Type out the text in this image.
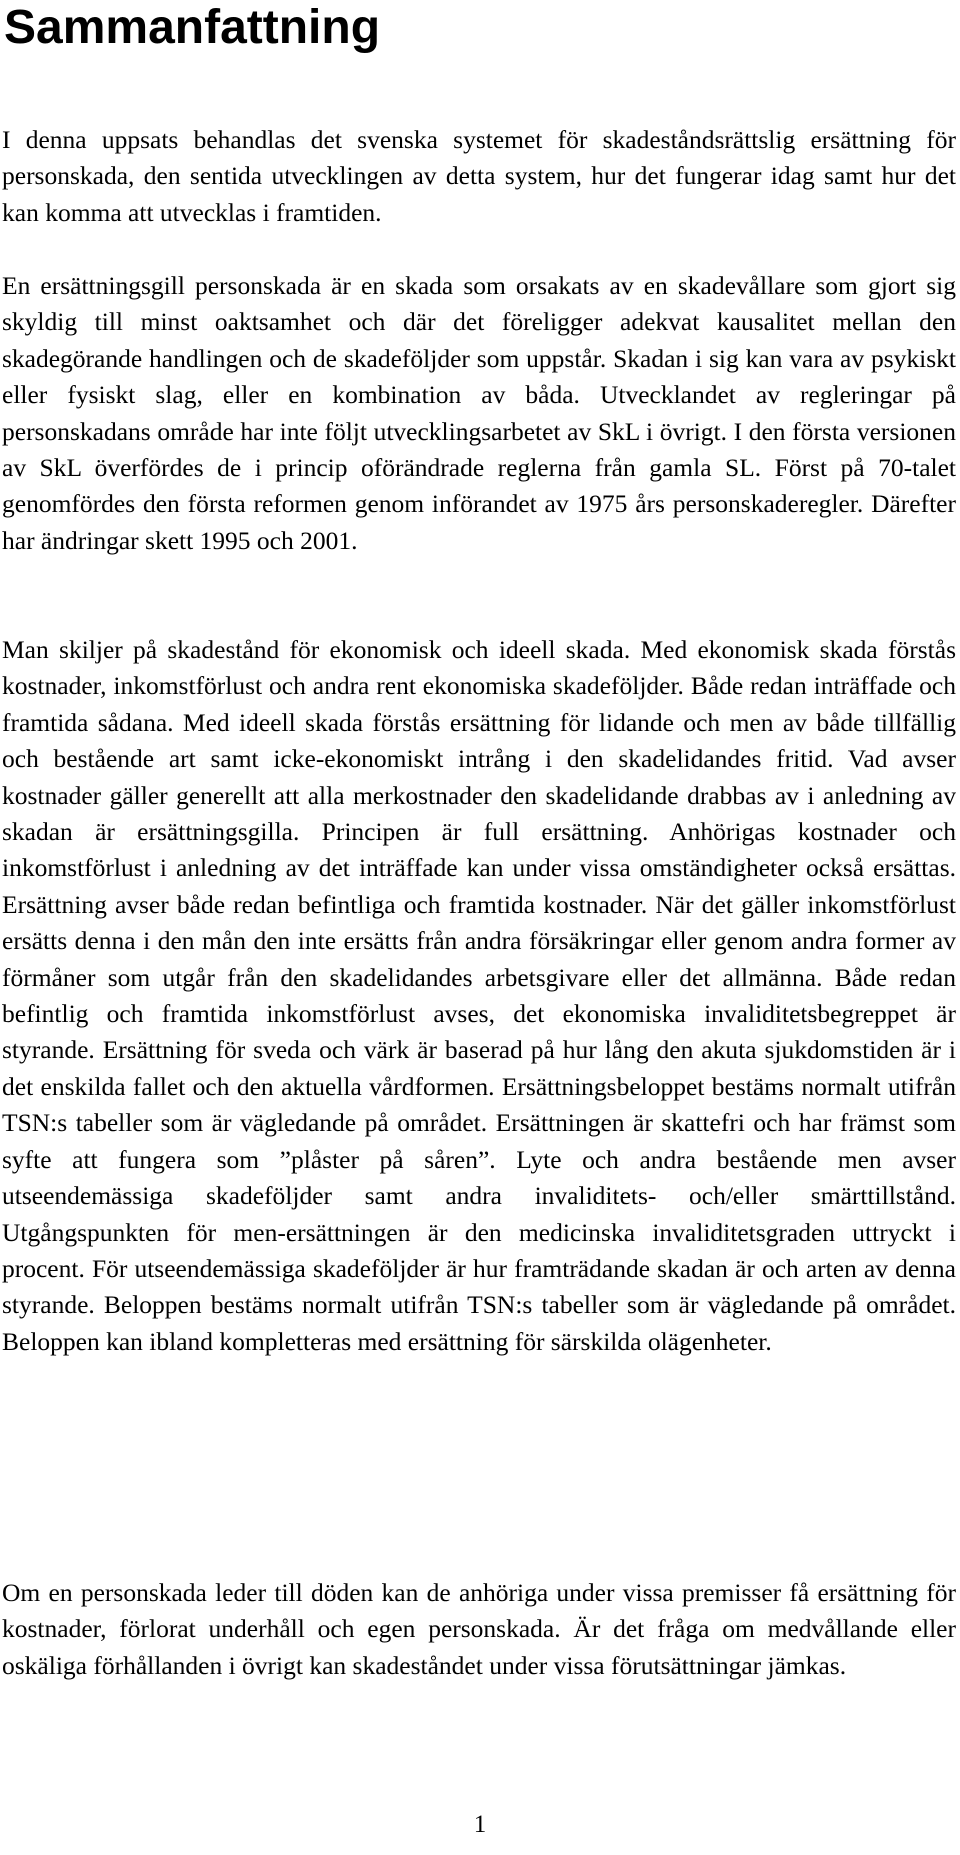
Sammanfattning

I denna uppsats behandlas det svenska systemet för skadeståndsrättslig ersättning för personskada, den sentida utvecklingen av detta system, hur det fungerar idag samt hur det kan komma att utvecklas i framtiden.

En ersättningsgill personskada är en skada som orsakats av en skadevållare som gjort sig skyldig till minst oaktsamhet och där det föreligger adekvat kausalitet mellan den skadegörande handlingen och de skadeföljder som uppstår. Skadan i sig kan vara av psykiskt eller fysiskt slag, eller en kombination av båda. Utvecklandet av regleringar på personskadans område har inte följt utvecklingsarbetet av SkL i övrigt. I den första versionen av SkL överfördes de i princip oförändrade reglerna från gamla SL. Först på 70-talet genomfördes den första reformen genom införandet av 1975 års personskaderegler. Därefter har ändringar skett 1995 och 2001.

Man skiljer på skadestånd för ekonomisk och ideell skada. Med ekonomisk skada förstås kostnader, inkomstförlust och andra rent ekonomiska skadeföljder. Både redan inträffade och framtida sådana. Med ideell skada förstås ersättning för lidande och men av både tillfällig och bestående art samt icke-ekonomiskt intrång i den skadelidandes fritid. Vad avser kostnader gäller generellt att alla merkostnader den skadelidande drabbas av i anledning av skadan är ersättningsgilla. Principen är full ersättning. Anhörigas kostnader och inkomstförlust i anledning av det inträffade kan under vissa omständigheter också ersättas. Ersättning avser både redan befintliga och framtida kostnader. När det gäller inkomstförlust ersätts denna i den mån den inte ersätts från andra försäkringar eller genom andra former av förmåner som utgår från den skadelidandes arbetsgivare eller det allmänna. Både redan befintlig och framtida inkomstförlust avses, det ekonomiska invaliditetsbegreppet är styrande. Ersättning för sveda och värk är baserad på hur lång den akuta sjukdomstiden är i det enskilda fallet och den aktuella vårdformen. Ersättningsbeloppet bestäms normalt utifrån TSN:s tabeller som är vägledande på området. Ersättningen är skattefri och har främst som syfte att fungera som ”plåster på såren”. Lyte och andra bestående men avser utseendemässiga skadeföljder samt andra invaliditets- och/eller smärttillstånd. Utgångspunkten för men-ersättningen är den medicinska invaliditetsgraden uttryckt i procent. För utseendemässiga skadeföljder är hur framträdande skadan är och arten av denna styrande. Beloppen bestäms normalt utifrån TSN:s tabeller som är vägledande på området. Beloppen kan ibland kompletteras med ersättning för särskilda olägenheter.

Om en personskada leder till döden kan de anhöriga under vissa premisser få ersättning för kostnader, förlorat underhåll och egen personskada. Är det fråga om medvållande eller oskäliga förhållanden i övrigt kan skadeståndet under vissa förutsättningar jämkas.

1
